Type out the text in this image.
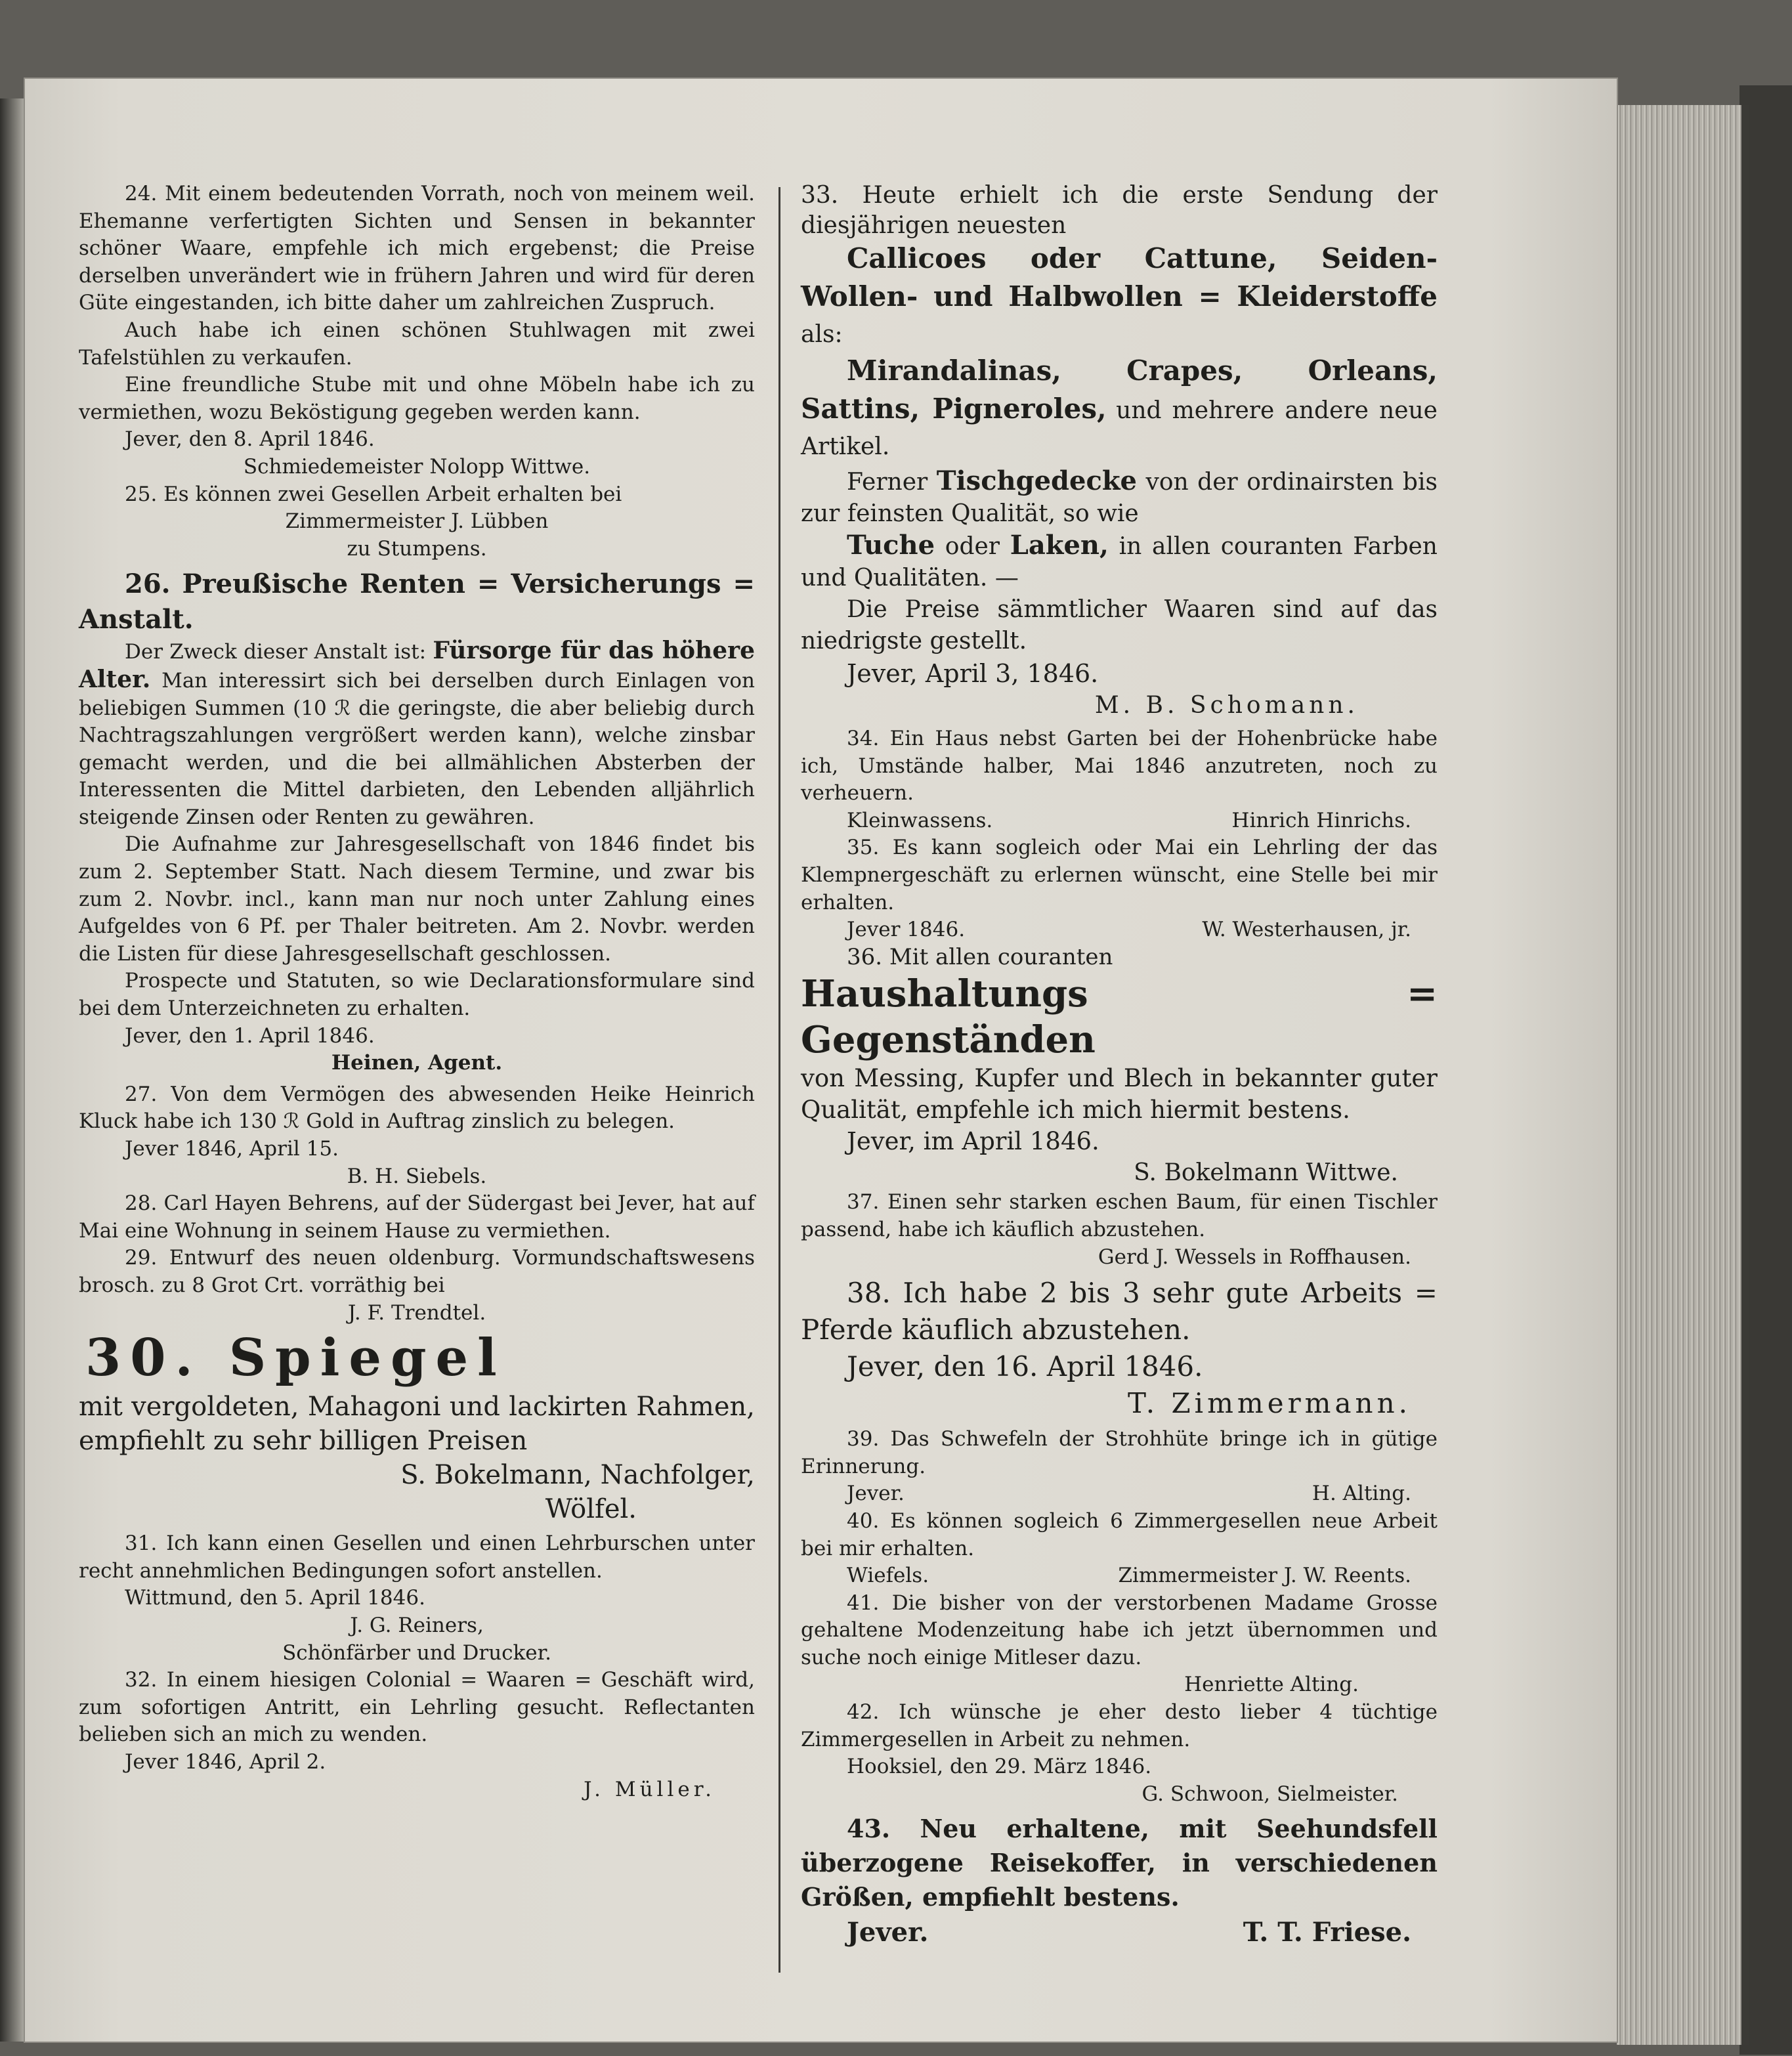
24. Mit einem bedeutenden Vorrath, noch von meinem weil. Ehemanne verfertigten Sichten und Sensen in bekannter schöner Waare, empfehle ich mich ergebenst; die Preise derselben unverändert wie in frühern Jahren und wird für deren Güte eingestanden, ich bitte daher um zahlreichen Zuspruch.

Auch habe ich einen schönen Stuhlwagen mit zwei Tafelstühlen zu verkaufen.

Eine freundliche Stube mit und ohne Möbeln habe ich zu vermiethen, wozu Beköstigung gegeben werden kann.

Jever, den 8. April 1846.

Schmiedemeister Nolopp Wittwe.

25. Es können zwei Gesellen Arbeit erhalten bei

Zimmermeister J. Lübben

zu Stumpens.

26. Preußische Renten = Versicherungs = Anstalt.

Der Zweck dieser Anstalt ist: Fürsorge für das höhere Alter. Man interessirt sich bei derselben durch Einlagen von beliebigen Summen (10 ℛ die geringste, die aber beliebig durch Nachtragszahlungen vergrößert werden kann), welche zinsbar gemacht werden, und die bei allmählichen Absterben der Interessenten die Mittel darbieten, den Lebenden alljährlich steigende Zinsen oder Renten zu gewähren.

Die Aufnahme zur Jahresgesellschaft von 1846 findet bis zum 2. September Statt. Nach diesem Termine, und zwar bis zum 2. Novbr. incl., kann man nur noch unter Zahlung eines Aufgeldes von 6 Pf. per Thaler beitreten. Am 2. Novbr. werden die Listen für diese Jahresgesellschaft geschlossen.

Prospecte und Statuten, so wie Declarationsformulare sind bei dem Unterzeichneten zu erhalten.

Jever, den 1. April 1846.

Heinen, Agent.

27. Von dem Vermögen des abwesenden Heike Heinrich Kluck habe ich 130 ℛ Gold in Auftrag zinslich zu belegen.

Jever 1846, April 15.

B. H. Siebels.

28. Carl Hayen Behrens, auf der Südergast bei Jever, hat auf Mai eine Wohnung in seinem Hause zu vermiethen.

29. Entwurf des neuen oldenburg. Vormundschaftswesens brosch. zu 8 Grot Crt. vorräthig bei

J. F. Trendtel.

30. Spiegel

mit vergoldeten, Mahagoni und lackirten Rahmen, empfiehlt zu sehr billigen Preisen

S. Bokelmann, Nachfolger,

Wölfel.

31. Ich kann einen Gesellen und einen Lehrburschen unter recht annehmlichen Bedingungen sofort anstellen.

Wittmund, den 5. April 1846.

J. G. Reiners,

Schönfärber und Drucker.

32. In einem hiesigen Colonial = Waaren = Geschäft wird, zum sofortigen Antritt, ein Lehrling gesucht. Reflectanten belieben sich an mich zu wenden.

Jever 1846, April 2.

J. Müller.

33. Heute erhielt ich die erste Sendung der diesjährigen neuesten

Callicoes oder Cattune, Seiden-Wollen- und Halbwollen = Kleiderstoffe als:

Mirandalinas, Crapes, Orleans, Sattins, Pigneroles, und mehrere andere neue Artikel.

Ferner Tischgedecke von der ordinairsten bis zur feinsten Qualität, so wie

Tuche oder Laken, in allen couranten Farben und Qualitäten. —

Die Preise sämmtlicher Waaren sind auf das niedrigste gestellt.

Jever, April 3, 1846.

M. B. Schomann.

34. Ein Haus nebst Garten bei der Hohenbrücke habe ich, Umstände halber, Mai 1846 anzutreten, noch zu verheuern.

Kleinwassens.	Hinrich Hinrichs.

35. Es kann sogleich oder Mai ein Lehrling der das Klempnergeschäft zu erlernen wünscht, eine Stelle bei mir erhalten.

Jever 1846.	W. Westerhausen, jr.

36. Mit allen couranten

Haushaltungs = Gegenständen

von Messing, Kupfer und Blech in bekannter guter Qualität, empfehle ich mich hiermit bestens.

Jever, im April 1846.

S. Bokelmann Wittwe.

37. Einen sehr starken eschen Baum, für einen Tischler passend, habe ich käuflich abzustehen.

Gerd J. Wessels in Roffhausen.

38. Ich habe 2 bis 3 sehr gute Arbeits = Pferde käuflich abzustehen.

Jever, den 16. April 1846.

T. Zimmermann.

39. Das Schwefeln der Strohhüte bringe ich in gütige Erinnerung.

Jever.	H. Alting.

40. Es können sogleich 6 Zimmergesellen neue Arbeit bei mir erhalten.

Wiefels.	Zimmermeister J. W. Reents.

41. Die bisher von der verstorbenen Madame Grosse gehaltene Modenzeitung habe ich jetzt übernommen und suche noch einige Mitleser dazu.

Henriette Alting.

42. Ich wünsche je eher desto lieber 4 tüchtige Zimmergesellen in Arbeit zu nehmen.

Hooksiel, den 29. März 1846.

G. Schwoon, Sielmeister.

43. Neu erhaltene, mit Seehundsfell überzogene Reisekoffer, in verschiedenen Größen, empfiehlt bestens.

Jever.	T. T. Friese.
